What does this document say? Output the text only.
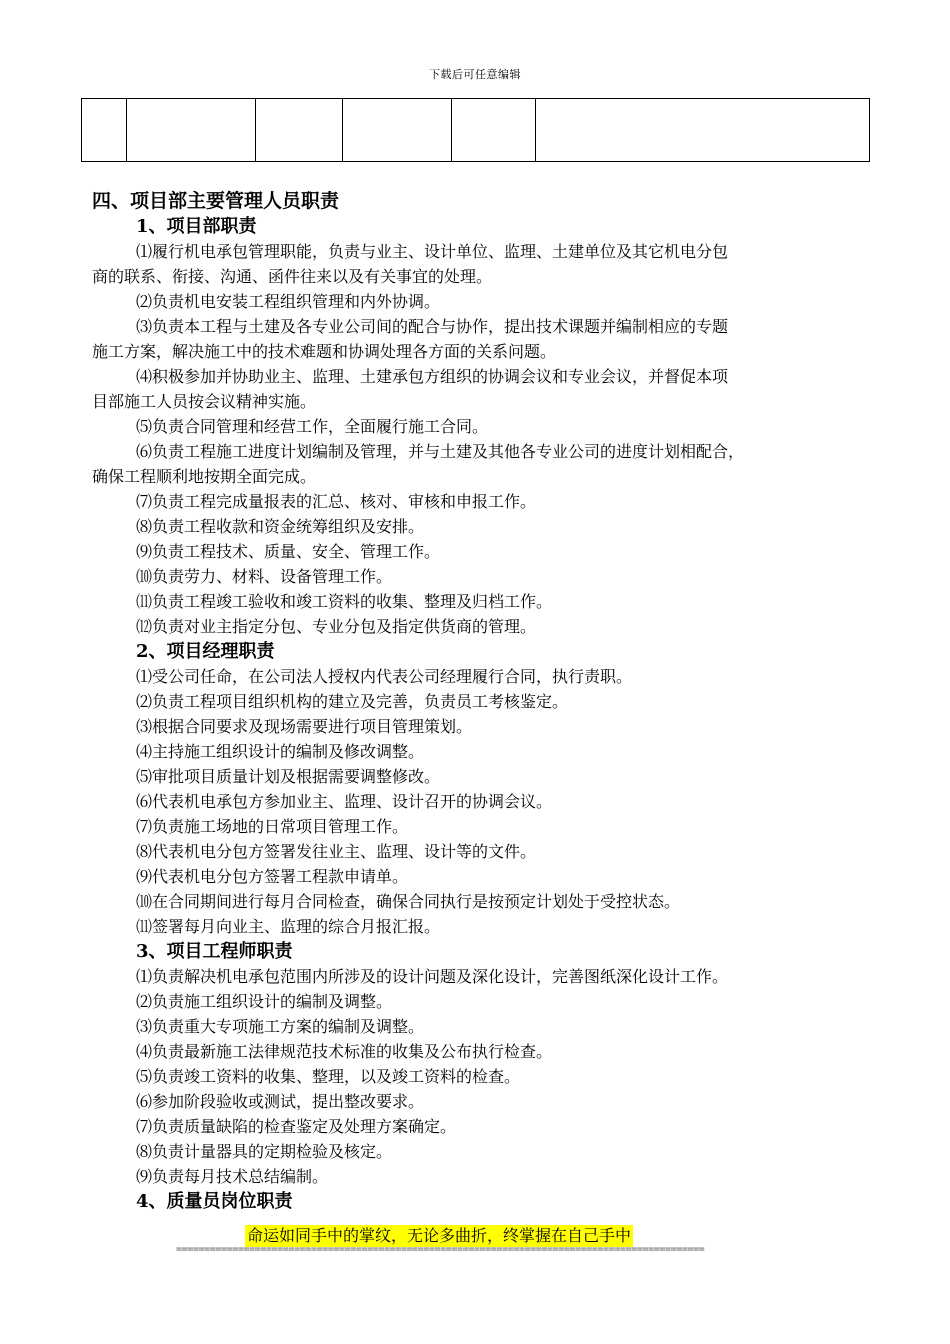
下载后可任意编辑

四、项目部主要管理人员职责
1、项目部职责
⑴履行机电承包管理职能，负责与业主、设计单位、监理、土建单位及其它机电分包
商的联系、衔接、沟通、函件往来以及有关事宜的处理。
⑵负责机电安装工程组织管理和内外协调。
⑶负责本工程与土建及各专业公司间的配合与协作，提出技术课题并编制相应的专题
施工方案，解决施工中的技术难题和协调处理各方面的关系问题。
⑷积极参加并协助业主、监理、土建承包方组织的协调会议和专业会议，并督促本项
目部施工人员按会议精神实施。
⑸负责合同管理和经营工作，全面履行施工合同。
⑹负责工程施工进度计划编制及管理，并与土建及其他各专业公司的进度计划相配合，
确保工程顺利地按期全面完成。
⑺负责工程完成量报表的汇总、核对、审核和申报工作。
⑻负责工程收款和资金统筹组织及安排。
⑼负责工程技术、质量、安全、管理工作。
⑽负责劳力、材料、设备管理工作。
⑾负责工程竣工验收和竣工资料的收集、整理及归档工作。
⑿负责对业主指定分包、专业分包及指定供货商的管理。
2、项目经理职责
⑴受公司任命，在公司法人授权内代表公司经理履行合同，执行责职。
⑵负责工程项目组织机构的建立及完善，负责员工考核鉴定。
⑶根据合同要求及现场需要进行项目管理策划。
⑷主持施工组织设计的编制及修改调整。
⑸审批项目质量计划及根据需要调整修改。
⑹代表机电承包方参加业主、监理、设计召开的协调会议。
⑺负责施工场地的日常项目管理工作。
⑻代表机电分包方签署发往业主、监理、设计等的文件。
⑼代表机电分包方签署工程款申请单。
⑽在合同期间进行每月合同检查，确保合同执行是按预定计划处于受控状态。
⑾签署每月向业主、监理的综合月报汇报。
3、项目工程师职责
⑴负责解决机电承包范围内所涉及的设计问题及深化设计，完善图纸深化设计工作。
⑵负责施工组织设计的编制及调整。
⑶负责重大专项施工方案的编制及调整。
⑷负责最新施工法律规范技术标准的收集及公布执行检查。
⑸负责竣工资料的收集、整理，以及竣工资料的检查。
⑹参加阶段验收或测试，提出整改要求。
⑺负责质量缺陷的检查鉴定及处理方案确定。
⑻负责计量器具的定期检验及核定。
⑼负责每月技术总结编制。
4、质量员岗位职责
命运如同手中的掌纹，无论多曲折，终掌握在自己手中
==============================================================================================
